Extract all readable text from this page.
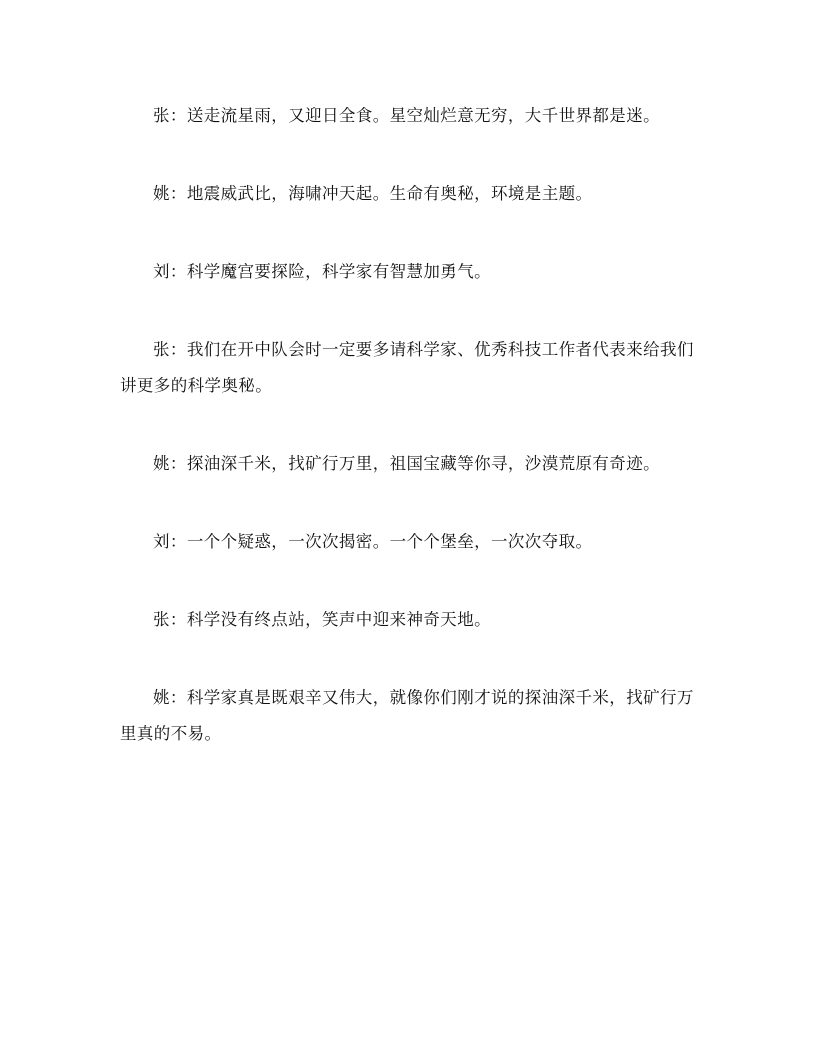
张：送走流星雨，又迎日全食。星空灿烂意无穷，大千世界都是迷。

姚：地震威武比，海啸冲天起。生命有奥秘，环境是主题。

刘：科学魔宫要探险，科学家有智慧加勇气。

张：我们在开中队会时一定要多请科学家、优秀科技工作者代表来给我们讲更多的科学奥秘。

姚：探油深千米，找矿行万里，祖国宝藏等你寻，沙漠荒原有奇迹。

刘：一个个疑惑，一次次揭密。一个个堡垒，一次次夺取。

张：科学没有终点站，笑声中迎来神奇天地。

姚：科学家真是既艰辛又伟大，就像你们刚才说的探油深千米，找矿行万里真的不易。
